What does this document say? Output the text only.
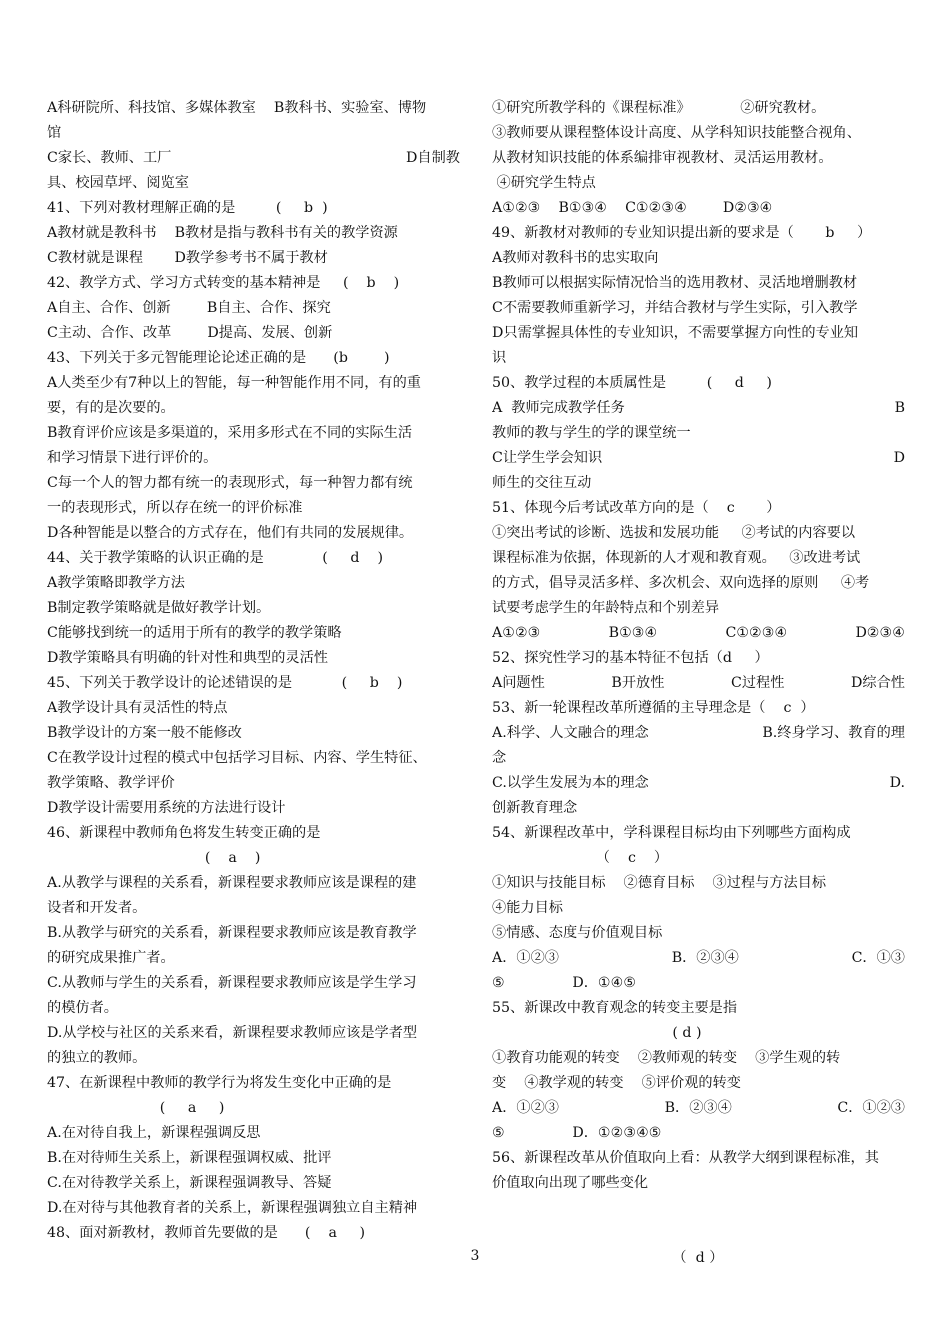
A科研院所、科技馆、多媒体教室    B教科书、实验室、博物
馆
C家长、教师、工厂	D自制教
具、校园草坪、阅览室
41、下列对教材理解正确的是         (     b  )
A教材就是教科书    B教材是指与教科书有关的教学资源
C教材就是课程       D教学参考书不属于教材
42、教学方式、学习方式转变的基本精神是     (    b    )
A自主、合作、创新        B自主、合作、探究
C主动、合作、改革        D提高、发展、创新
43、下列关于多元智能理论论述正确的是      (b        )
A人类至少有7种以上的智能，每一种智能作用不同，有的重
要，有的是次要的。
B教育评价应该是多渠道的，采用多形式在不同的实际生活
和学习情景下进行评价的。
C每一个人的智力都有统一的表现形式，每一种智力都有统
一的表现形式，所以存在统一的评价标准
D各种智能是以整合的方式存在，他们有共同的发展规律。
44、关于教学策略的认识正确的是             (     d    )
A教学策略即教学方法
B制定教学策略就是做好教学计划。
C能够找到统一的适用于所有的教学的教学策略
D教学策略具有明确的针对性和典型的灵活性
45、下列关于教学设计的论述错误的是           (     b    )
A教学设计具有灵活性的特点
B教学设计的方案一般不能修改
C在教学设计过程的模式中包括学习目标、内容、学生特征、
教学策略、教学评价
D教学设计需要用系统的方法进行设计
46、新课程中教师角色将发生转变正确的是
(    a    )
A.从教学与课程的关系看，新课程要求教师应该是课程的建
设者和开发者。
B.从教学与研究的关系看，新课程要求教师应该是教育教学
的研究成果推广者。
C.从教师与学生的关系看，新课程要求教师应该是学生学习
的模仿者。
D.从学校与社区的关系来看，新课程要求教师应该是学者型
的独立的教师。
47、在新课程中教师的教学行为将发生变化中正确的是
(     a     )
A.在对待自我上，新课程强调反思
B.在对待师生关系上，新课程强调权威、批评
C.在对待教学关系上，新课程强调教导、答疑
D.在对待与其他教育者的关系上，新课程强调独立自主精神
48、面对新教材，教师首先要做的是      (    a     )
①研究所教学科的《课程标准》           ②研究教材。
③教师要从课程整体设计高度、从学科知识技能整合视角、
从教材知识技能的体系编排审视教材、灵活运用教材。
④研究学生特点
A①②③    B①③④    C①②③④        D②③④
49、新教材对教师的专业知识提出新的要求是（       b     ）
A教师对教科书的忠实取向
B教师可以根据实际情况恰当的选用教材、灵活地增删教材
C不需要教师重新学习，并结合教材与学生实际，引入教学
D只需掌握具体性的专业知识，不需要掌握方向性的专业知
识
50、教学过程的本质属性是         (     d     )
A  教师完成教学任务	B
教师的教与学生的学的课堂统一
C让学生学会知识	D
师生的交往互动
51、体现今后考试改革方向的是（    c       ）
①突出考试的诊断、选拔和发展功能     ②考试的内容要以
课程标准为依据，体现新的人才观和教育观。   ③改进考试
的方式，倡导灵活多样、多次机会、双向选择的原则     ④考
试要考虑学生的年龄特点和个别差异
A①②③	B①③④	C①②③④	D②③④
52、探究性学习的基本特征不包括（d     ）
A问题性	B开放性	C过程性	D综合性
53、新一轮课程改革所遵循的主导理念是（    c  ）
A.科学、人文融合的理念	B.终身学习、教育的理
念
C.以学生发展为本的理念	D.
创新教育理念
54、新课程改革中，学科课程目标均由下列哪些方面构成
（    c    ）
①知识与技能目标    ②德育目标    ③过程与方法目标
④能力目标
⑤情感、态度与价值观目标
A．①②③	B．②③④	C．①③
⑤               D．①④⑤
55、新课改中教育观念的转变主要是指
( d )
①教育功能观的转变    ②教师观的转变    ③学生观的转
变    ④教学观的转变    ⑤评价观的转变
A．①②③	B．②③④	C．①②③
⑤               D．①②③④⑤
56、新课程改革从价值取向上看：从教学大纲到课程标准，其
价值取向出现了哪些变化
（  d ）
3
